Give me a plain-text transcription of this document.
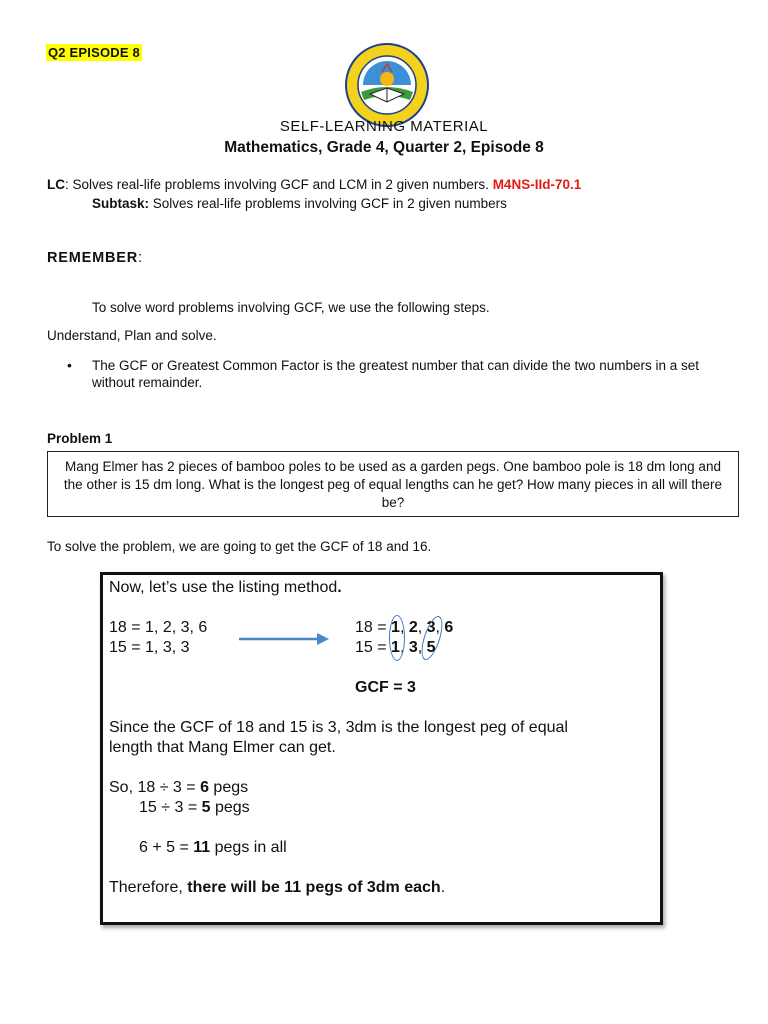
Q2 EPISODE 8
SELF-LEARNING MATERIAL
Mathematics, Grade 4, Quarter 2, Episode 8
LC: Solves real-life problems involving GCF and LCM in 2 given numbers. M4NS-IId-70.1
Subtask: Solves real-life problems involving GCF in 2 given numbers
REMEMBER:
To solve word problems involving GCF, we use the following steps.
Understand, Plan and solve.
• The GCF or Greatest Common Factor is the greatest number that can divide the two numbers in a set without remainder.
Problem 1
Mang Elmer has 2 pieces of bamboo poles to be used as a garden pegs. One bamboo pole is 18 dm long and the other is 15 dm long. What is the longest peg of equal lengths can he get? How many pieces in all will there be?
To solve the problem, we are going to get the GCF of 18 and 16.
Now, let’s use the listing method.
18 = 1, 2, 3, 6
15 = 1, 3, 3
18 = 1, 2, 3, 6
15 = 1, 3, 5
GCF = 3
Since the GCF of 18 and 15 is 3, 3dm is the longest peg of equal
length that Mang Elmer can get.
So, 18 ÷ 3 = 6 pegs
15 ÷ 3 = 5 pegs
6 + 5 = 11 pegs in all
Therefore, there will be 11 pegs of 3dm each.
